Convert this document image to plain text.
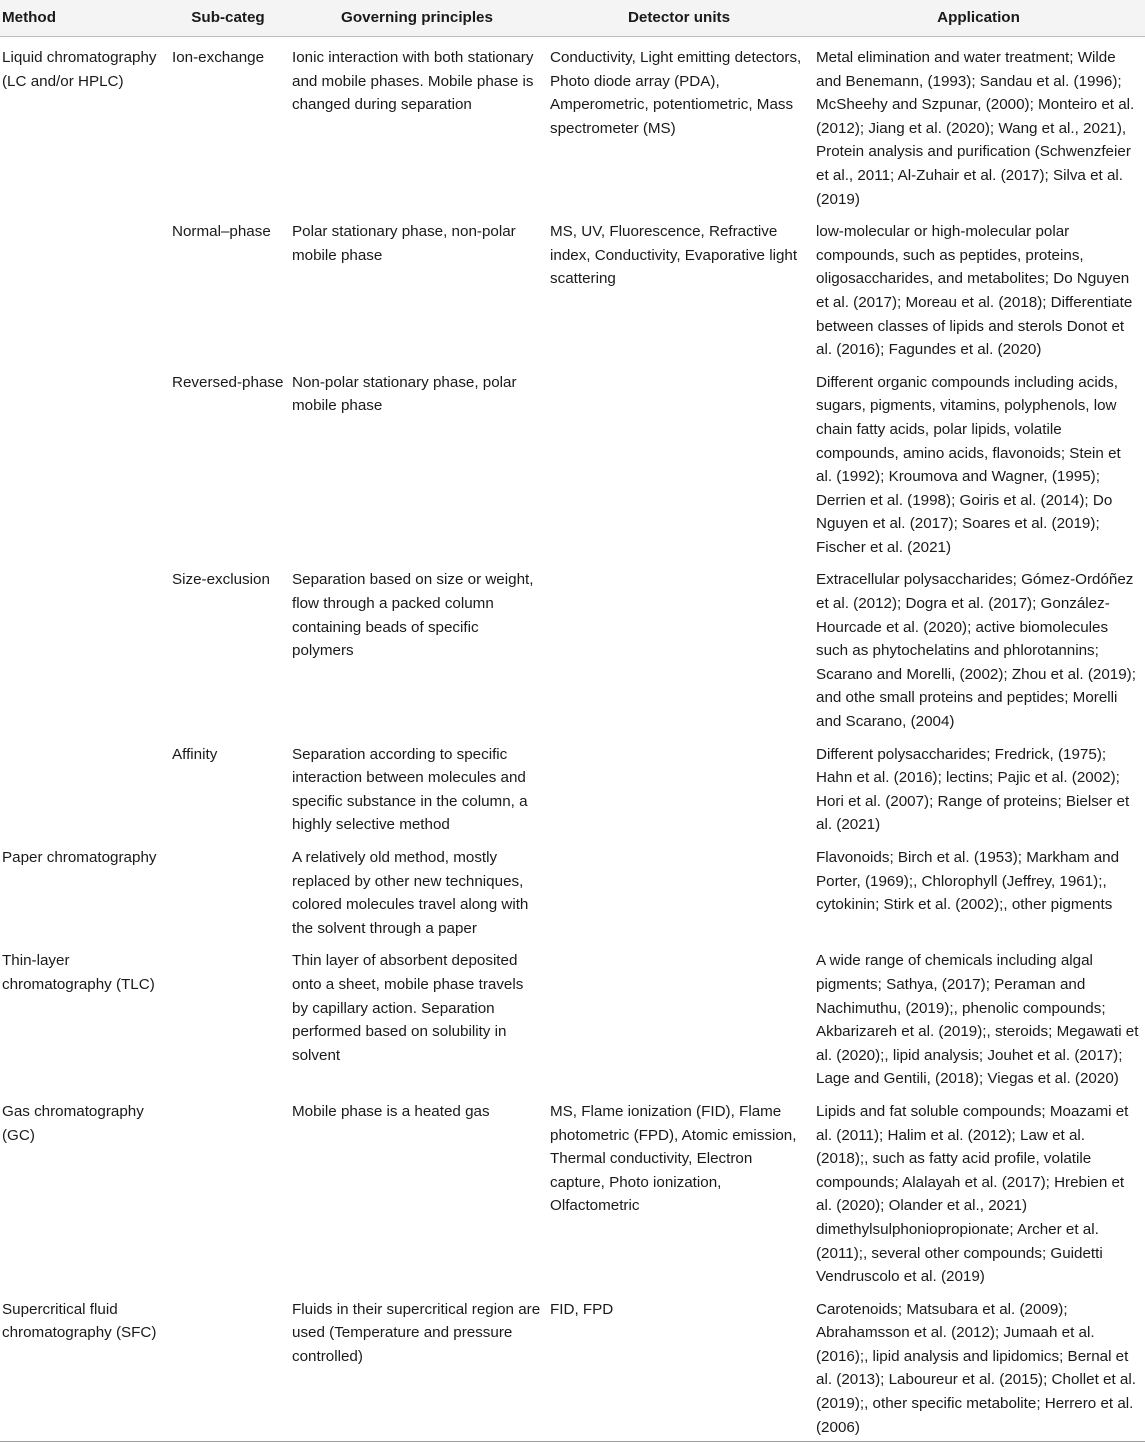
Method	Sub-categ	Governing principles	Detector units	Application
Liquid chromatography (LC and/or HPLC)	Ion-exchange	Ionic interaction with both stationary and mobile phases. Mobile phase is changed during separation	Conductivity, Light emitting detectors, Photo diode array (PDA), Amperometric, potentiometric, Mass spectrometer (MS)	Metal elimination and water treatment; Wilde and Benemann, (1993); Sandau et al. (1996); McSheehy and Szpunar, (2000); Monteiro et al. (2012); Jiang et al. (2020); Wang et al., 2021), Protein analysis and purification (Schwenzfeier et al., 2011; Al-Zuhair et al. (2017); Silva et al. (2019)
	Normal–phase	Polar stationary phase, non-polar mobile phase	MS, UV, Fluorescence, Refractive index, Conductivity, Evaporative light scattering	low-molecular or high-molecular polar compounds, such as peptides, proteins, oligosaccharides, and metabolites; Do Nguyen et al. (2017); Moreau et al. (2018); Differentiate between classes of lipids and sterols Donot et al. (2016); Fagundes et al. (2020)
	Reversed-phase	Non-polar stationary phase, polar mobile phase		Different organic compounds including acids, sugars, pigments, vitamins, polyphenols, low chain fatty acids, polar lipids, volatile compounds, amino acids, flavonoids; Stein et al. (1992); Kroumova and Wagner, (1995); Derrien et al. (1998); Goiris et al. (2014); Do Nguyen et al. (2017); Soares et al. (2019); Fischer et al. (2021)
	Size-exclusion	Separation based on size or weight, flow through a packed column containing beads of specific polymers		Extracellular polysaccharides; Gómez-Ordóñez et al. (2012); Dogra et al. (2017); González-Hourcade et al. (2020); active biomolecules such as phytochelatins and phlorotannins; Scarano and Morelli, (2002); Zhou et al. (2019); and othe small proteins and peptides; Morelli and Scarano, (2004)
	Affinity	Separation according to specific interaction between molecules and specific substance in the column, a highly selective method		Different polysaccharides; Fredrick, (1975); Hahn et al. (2016); lectins; Pajic et al. (2002); Hori et al. (2007); Range of proteins; Bielser et al. (2021)
Paper chromatography		A relatively old method, mostly replaced by other new techniques, colored molecules travel along with the solvent through a paper		Flavonoids; Birch et al. (1953); Markham and Porter, (1969);, Chlorophyll (Jeffrey, 1961);, cytokinin; Stirk et al. (2002);, other pigments
Thin-layer chromatography (TLC)		Thin layer of absorbent deposited onto a sheet, mobile phase travels by capillary action. Separation performed based on solubility in solvent		A wide range of chemicals including algal pigments; Sathya, (2017); Peraman and Nachimuthu, (2019);, phenolic compounds; Akbarizareh et al. (2019);, steroids; Megawati et al. (2020);, lipid analysis; Jouhet et al. (2017); Lage and Gentili, (2018); Viegas et al. (2020)
Gas chromatography (GC)		Mobile phase is a heated gas	MS, Flame ionization (FID), Flame photometric (FPD), Atomic emission, Thermal conductivity, Electron capture, Photo ionization, Olfactometric	Lipids and fat soluble compounds; Moazami et al. (2011); Halim et al. (2012); Law et al. (2018);, such as fatty acid profile, volatile compounds; Alalayah et al. (2017); Hrebien et al. (2020); Olander et al., 2021) dimethylsulphoniopropionate; Archer et al. (2011);, several other compounds; Guidetti Vendruscolo et al. (2019)
Supercritical fluid chromatography (SFC)		Fluids in their supercritical region are used (Temperature and pressure controlled)	FID, FPD	Carotenoids; Matsubara et al. (2009); Abrahamsson et al. (2012); Jumaah et al. (2016);, lipid analysis and lipidomics; Bernal et al. (2013); Laboureur et al. (2015); Chollet et al. (2019);, other specific metabolite; Herrero et al. (2006)
